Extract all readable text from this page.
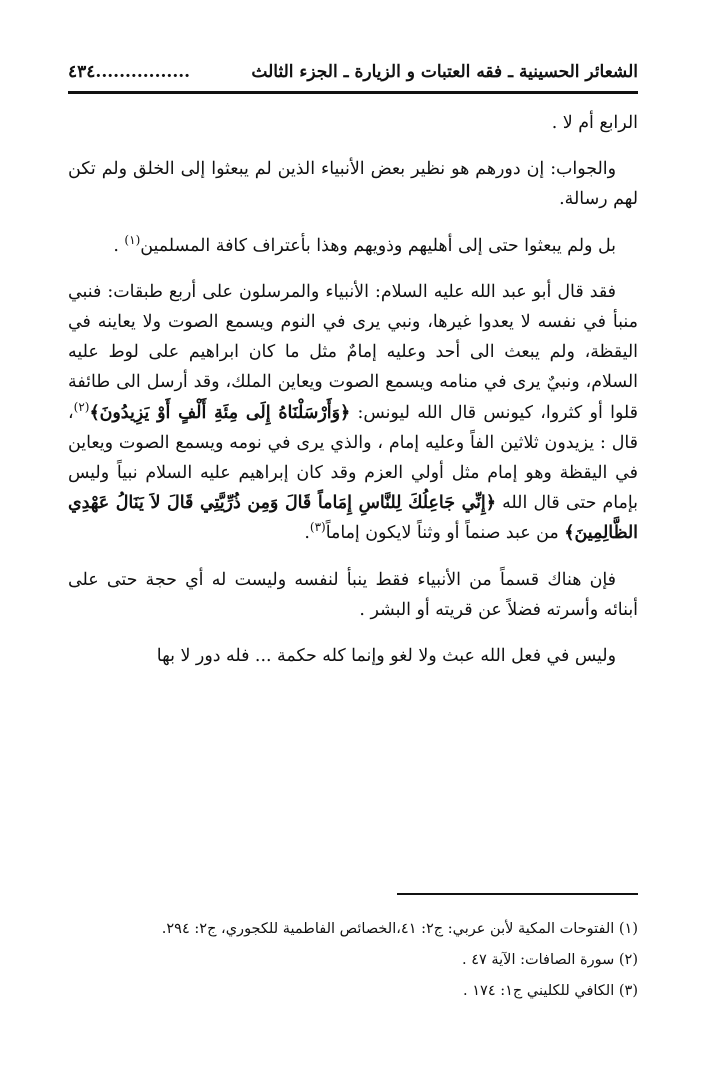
الشعائر الحسينية ـ فقه العتبات و الزيارة ـ الجزء الثالث
................٤٣٤

الرابع أم لا .

والجواب: إن دورهم هو نظير بعض الأنبياء الذين لم يبعثوا إلى الخلق ولم تكن لهم رسالة.

بل ولم يبعثوا حتى إلى أهليهم وذويهم وهذا بأعتراف كافة المسلمين$^{(١)}$ .

فقد قال أبو عبد الله عليه السلام: الأنبياء والمرسلون على أربع طبقات: فنبي منبأ في نفسه لا يعدوا غيرها، ونبي يرى في النوم ويسمع الصوت ولا يعاينه في اليقظة، ولم يبعث الى أحد وعليه إمامٌ مثل ما كان ابراهيم على لوط عليه السلام، ونبيٌ يرى في منامه ويسمع الصوت ويعاين الملك، وقد أرسل الى طائفة قلوا أو كثروا، كيونس قال الله ليونس: ﴿وَأَرْسَلْنَاهُ إِلَى مِئَةِ أَلْفٍ أَوْ يَزِيدُونَ﴾$^{(٢)}$، قال : يزيدون ثلاثين الفاً وعليه إمام ، والذي يرى في نومه ويسمع الصوت ويعاين في اليقظة وهو إمام مثل أولي العزم وقد كان إبراهيم عليه السلام نبياً وليس بإمام حتى قال الله ﴿إِنِّي جَاعِلُكَ لِلنَّاسِ إِمَاماً قَالَ وَمِن ذُرِّيَّتِي قَالَ لاَ يَنَالُ عَهْدِي الظَّالِمِينَ﴾ من عبد صنماً أو وثناً لايكون إماماً$^{(٣)}$.

فإن هناك قسماً من الأنبياء فقط ينبأ لنفسه وليست له أي حجة حتى على أبنائه وأسرته فضلاً عن قريته أو البشر .

وليس في فعل الله عبث ولا لغو وإنما كله حكمة ... فله دور لا بها

(١) الفتوحات المكية لأبن عربي: ج٢: ٤١،الخصائص الفاطمية للكجوري، ج٢: ٢٩٤.
(٢) سورة الصافات: الآية ٤٧ .
(٣) الكافي للكليني ج١: ١٧٤ .
